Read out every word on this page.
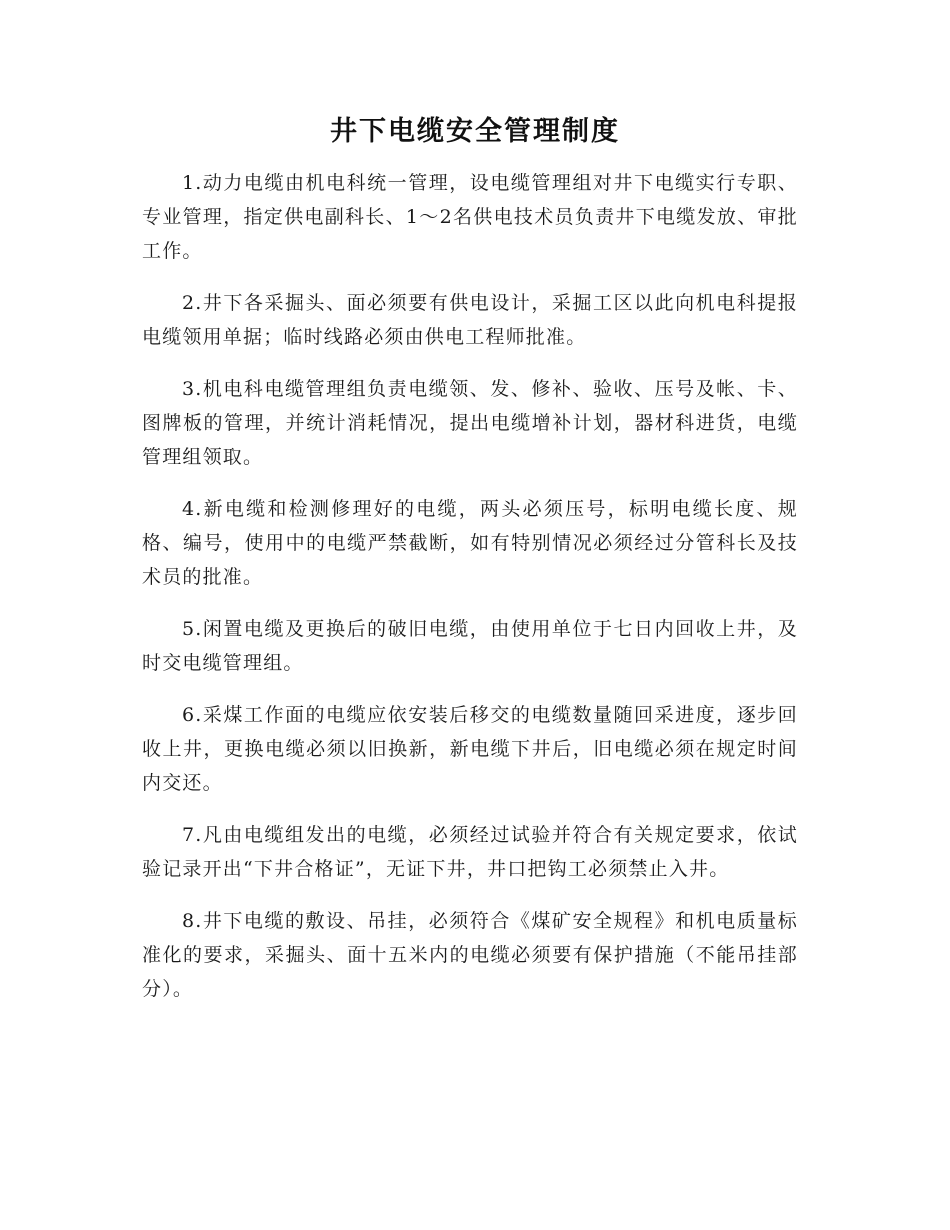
井下电缆安全管理制度

1.动力电缆由机电科统一管理，设电缆管理组对井下电缆实行专职、专业管理，指定供电副科长、1～2名供电技术员负责井下电缆发放、审批工作。

2.井下各采掘头、面必须要有供电设计，采掘工区以此向机电科提报电缆领用单据；临时线路必须由供电工程师批准。

3.机电科电缆管理组负责电缆领、发、修补、验收、压号及帐、卡、图牌板的管理，并统计消耗情况，提出电缆增补计划，器材科进货，电缆管理组领取。

4.新电缆和检测修理好的电缆，两头必须压号，标明电缆长度、规格、编号，使用中的电缆严禁截断，如有特别情况必须经过分管科长及技术员的批准。

5.闲置电缆及更换后的破旧电缆，由使用单位于七日内回收上井，及时交电缆管理组。

6.采煤工作面的电缆应依安装后移交的电缆数量随回采进度，逐步回收上井，更换电缆必须以旧换新，新电缆下井后，旧电缆必须在规定时间内交还。

7.凡由电缆组发出的电缆，必须经过试验并符合有关规定要求，依试验记录开出“下井合格证”，无证下井，井口把钩工必须禁止入井。

8.井下电缆的敷设、吊挂，必须符合《煤矿安全规程》和机电质量标准化的要求，采掘头、面十五米内的电缆必须要有保护措施（不能吊挂部分）。
